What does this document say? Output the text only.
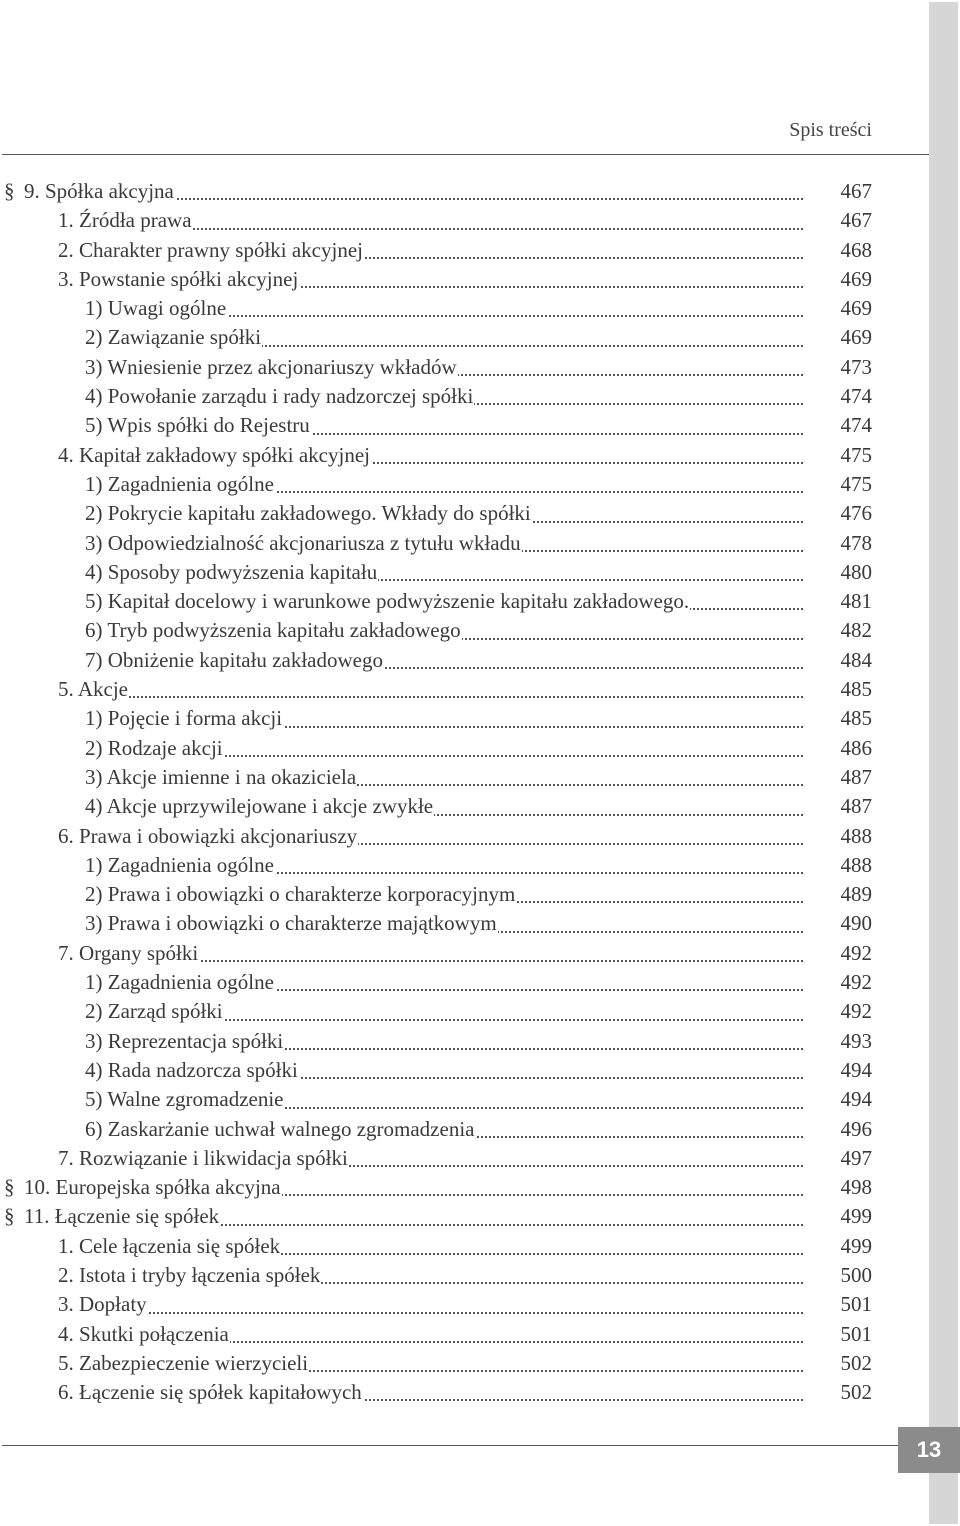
Spis treści
§ 9. Spółka akcyjna	467
1. Źródła prawa	467
2. Charakter prawny spółki akcyjnej	468
3. Powstanie spółki akcyjnej	469
1) Uwagi ogólne	469
2) Zawiązanie spółki	469
3) Wniesienie przez akcjonariuszy wkładów	473
4) Powołanie zarządu i rady nadzorczej spółki	474
5) Wpis spółki do Rejestru	474
4. Kapitał zakładowy spółki akcyjnej	475
1) Zagadnienia ogólne	475
2) Pokrycie kapitału zakładowego. Wkłady do spółki	476
3) Odpowiedzialność akcjonariusza z tytułu wkładu	478
4) Sposoby podwyższenia kapitału	480
5) Kapitał docelowy i warunkowe podwyższenie kapitału zakładowego.	481
6) Tryb podwyższenia kapitału zakładowego	482
7) Obniżenie kapitału zakładowego	484
5. Akcje	485
1) Pojęcie i forma akcji	485
2) Rodzaje akcji	486
3) Akcje imienne i na okaziciela	487
4) Akcje uprzywilejowane i akcje zwykłe	487
6. Prawa i obowiązki akcjonariuszy	488
1) Zagadnienia ogólne	488
2) Prawa i obowiązki o charakterze korporacyjnym	489
3) Prawa i obowiązki o charakterze majątkowym	490
7. Organy spółki	492
1) Zagadnienia ogólne	492
2) Zarząd spółki	492
3) Reprezentacja spółki	493
4) Rada nadzorcza spółki	494
5) Walne zgromadzenie	494
6) Zaskarżanie uchwał walnego zgromadzenia	496
7. Rozwiązanie i likwidacja spółki	497
§ 10. Europejska spółka akcyjna	498
§ 11. Łączenie się spółek	499
1. Cele łączenia się spółek	499
2. Istota i tryby łączenia spółek	500
3. Dopłaty	501
4. Skutki połączenia	501
5. Zabezpieczenie wierzycieli	502
6. Łączenie się spółek kapitałowych	502
13
